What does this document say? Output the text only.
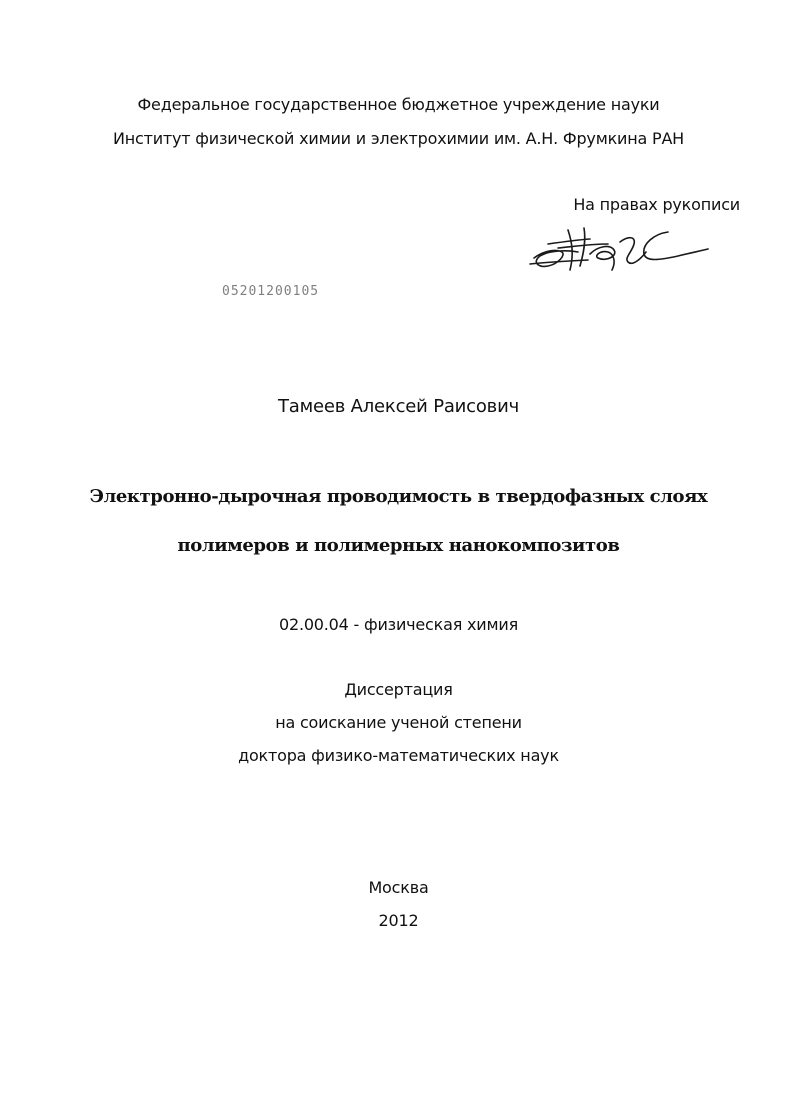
Федеральное государственное бюджетное учреждение науки

Институт физической химии и электрохимии им. А.Н. Фрумкина РАН

На правах рукописи
05201200105

Тамеев Алексей Раисович

Электронно-дырочная проводимость в твердофазных слоях

полимеров и полимерных нанокомпозитов

02.00.04 - физическая химия

Диссертация

на соискание ученой степени

доктора физико-математических наук

Москва

2012
